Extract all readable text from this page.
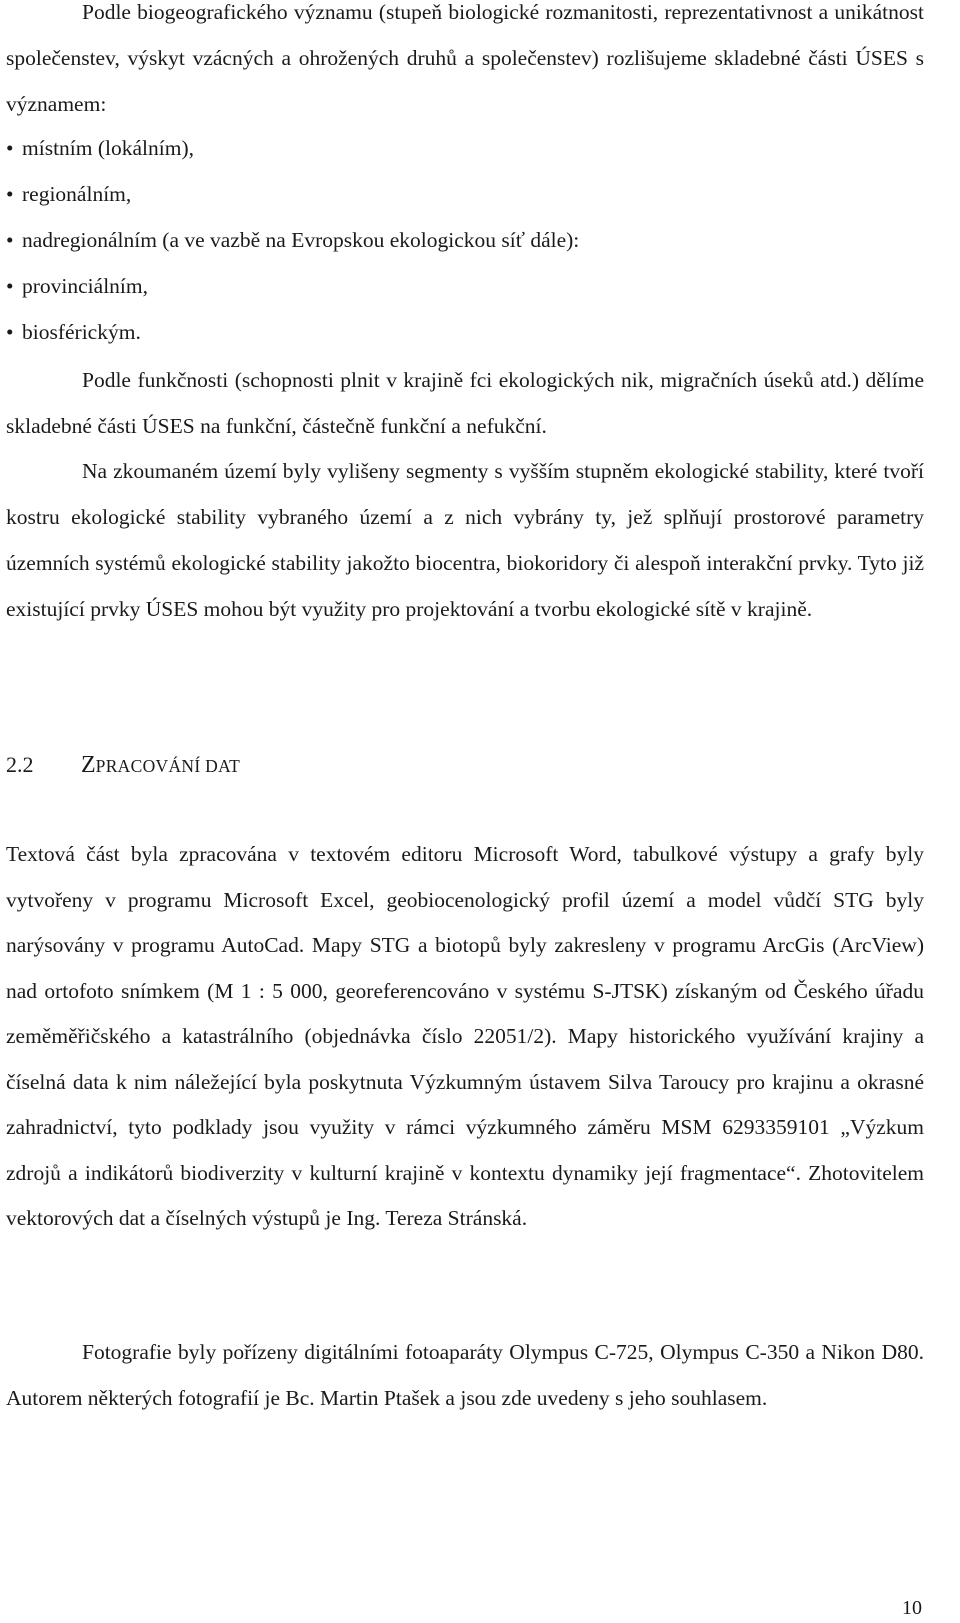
Podle biogeografického významu (stupeň biologické rozmanitosti, reprezentativnost a unikátnost společenstev, výskyt vzácných a ohrožených druhů a společenstev) rozlišujeme skladebné části ÚSES s významem:

• místním (lokálním),
• regionálním,
• nadregionálním (a ve vazbě na Evropskou ekologickou síť dále):
• provinciálním,
• biosférickým.

Podle funkčnosti (schopnosti plnit v krajině fci ekologických nik, migračních úseků atd.) dělíme skladebné části ÚSES na funkční, částečně funkční a nefukční.

Na zkoumaném území byly vylišeny segmenty s vyšším stupněm ekologické stability, které tvoří kostru ekologické stability vybraného území a z nich vybrány ty, jež splňují prostorové parametry územních systémů ekologické stability jakožto biocentra, biokoridory či alespoň interakční prvky. Tyto již existující prvky ÚSES mohou být využity pro projektování a tvorbu ekologické sítě v krajině.

2.2 ZPRACOVÁNÍ DAT

Textová část byla zpracována v textovém editoru Microsoft Word, tabulkové výstupy a grafy byly vytvořeny v programu Microsoft Excel, geobiocenologický profil území a model vůdčí STG byly narýsovány v programu AutoCad. Mapy STG a biotopů byly zakresleny v programu ArcGis (ArcView) nad ortofoto snímkem (M 1 : 5 000, georeferencováno v systému S-JTSK) získaným od Českého úřadu zeměměřičského a katastrálního (objednávka číslo 22051/2). Mapy historického využívání krajiny a číselná data k nim náležející byla poskytnuta Výzkumným ústavem Silva Taroucy pro krajinu a okrasné zahradnictví, tyto podklady jsou využity v rámci výzkumného záměru MSM 6293359101 „Výzkum zdrojů a indikátorů biodiverzity v kulturní krajině v kontextu dynamiky její fragmentace“. Zhotovitelem vektorových dat a číselných výstupů je Ing. Tereza Stránská.

Fotografie byly pořízeny digitálními fotoaparáty Olympus C-725, Olympus C-350 a Nikon D80. Autorem některých fotografií je Bc. Martin Ptašek a jsou zde uvedeny s jeho souhlasem.

10
